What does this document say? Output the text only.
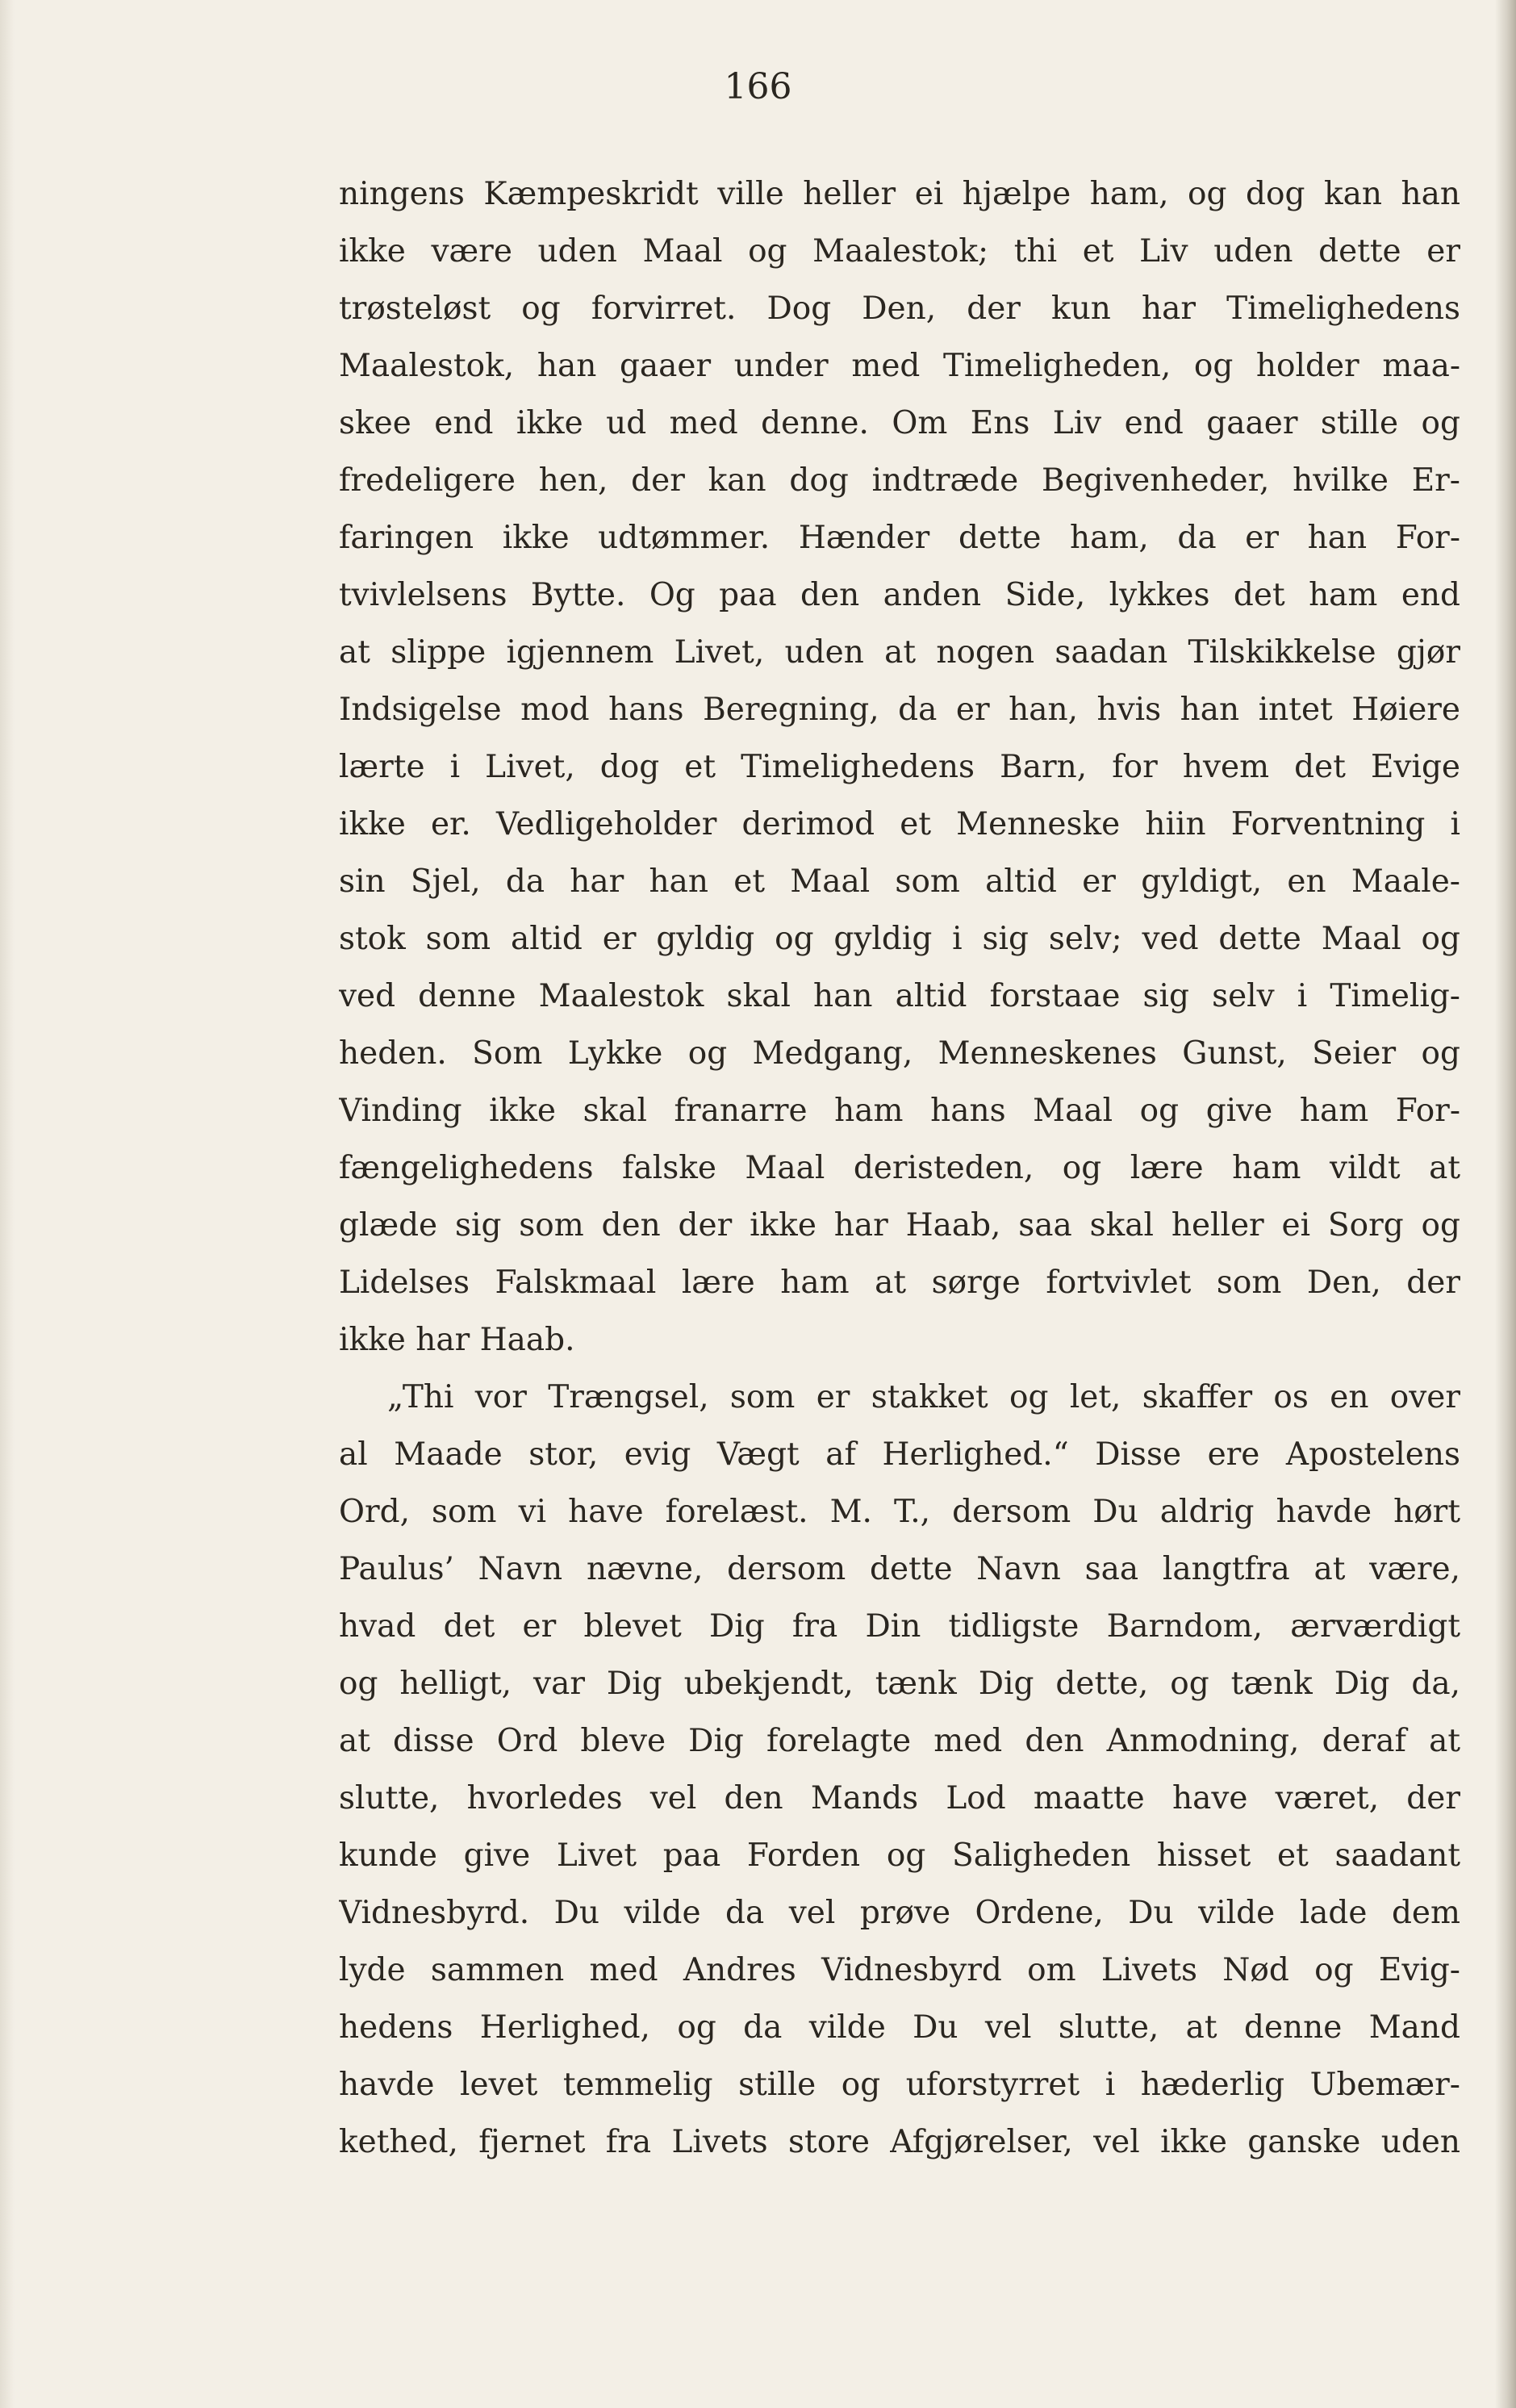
166
ningens Kæmpeskridt ville heller ei hjælpe ham, og dog kan han
ikke være uden Maal og Maalestok; thi et Liv uden dette er
trøsteløst og forvirret. Dog Den, der kun har Timelighedens
Maalestok, han gaaer under med Timeligheden, og holder maa-
skee end ikke ud med denne. Om Ens Liv end gaaer stille og
fredeligere hen, der kan dog indtræde Begivenheder, hvilke Er-
faringen ikke udtømmer. Hænder dette ham, da er han For-
tvivlelsens Bytte. Og paa den anden Side, lykkes det ham end
at slippe igjennem Livet, uden at nogen saadan Tilskikkelse gjør
Indsigelse mod hans Beregning, da er han, hvis han intet Høiere
lærte i Livet, dog et Timelighedens Barn, for hvem det Evige
ikke er. Vedligeholder derimod et Menneske hiin Forventning i
sin Sjel, da har han et Maal som altid er gyldigt, en Maale-
stok som altid er gyldig og gyldig i sig selv; ved dette Maal og
ved denne Maalestok skal han altid forstaae sig selv i Timelig-
heden. Som Lykke og Medgang, Menneskenes Gunst, Seier og
Vinding ikke skal franarre ham hans Maal og give ham For-
fængelighedens falske Maal deristeden, og lære ham vildt at
glæde sig som den der ikke har Haab, saa skal heller ei Sorg og
Lidelses Falskmaal lære ham at sørge fortvivlet som Den, der
ikke har Haab.
„Thi vor Trængsel, som er stakket og let, skaffer os en over
al Maade stor, evig Vægt af Herlighed.“ Disse ere Apostelens
Ord, som vi have forelæst. M. T., dersom Du aldrig havde hørt
Paulus’ Navn nævne, dersom dette Navn saa langtfra at være,
hvad det er blevet Dig fra Din tidligste Barndom, ærværdigt
og helligt, var Dig ubekjendt, tænk Dig dette, og tænk Dig da,
at disse Ord bleve Dig forelagte med den Anmodning, deraf at
slutte, hvorledes vel den Mands Lod maatte have været, der
kunde give Livet paa Forden og Saligheden hisset et saadant
Vidnesbyrd. Du vilde da vel prøve Ordene, Du vilde lade dem
lyde sammen med Andres Vidnesbyrd om Livets Nød og Evig-
hedens Herlighed, og da vilde Du vel slutte, at denne Mand
havde levet temmelig stille og uforstyrret i hæderlig Ubemær-
kethed, fjernet fra Livets store Afgjørelser, vel ikke ganske uden
